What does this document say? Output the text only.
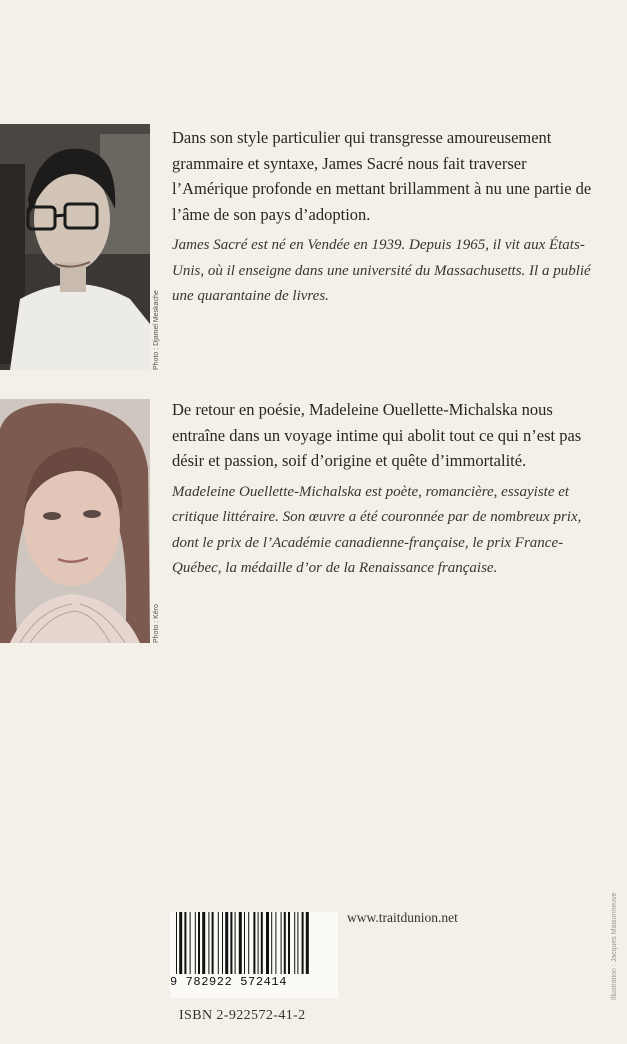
Photo : Djamel Meskache

Dans son style particulier qui transgresse amoureusement grammaire et syntaxe, James Sacré nous fait traverser l’Amérique profonde en mettant brillamment à nu une partie de l’âme de son pays d’adoption.

James Sacré est né en Vendée en 1939. Depuis 1965, il vit aux États-Unis, où il enseigne dans une université du Massachusetts. Il a publié une quarantaine de livres.

Photo : Kéro

De retour en poésie, Madeleine Ouellette-Michalska nous entraîne dans un voyage intime qui abolit tout ce qui n’est pas désir et passion, soif d’origine et quête d’immortalité.

Madeleine Ouellette-Michalska est poète, romancière, essayiste et critique littéraire. Son œuvre a été couronnée par de nombreux prix, dont le prix de l’Académie canadienne-française, le prix France-Québec, la médaille d’or de la Renaissance française.

9 782922 572414
www.traitdunion.net
ISBN 2-922572-41-2
Illustration : Jacques Maisonneuve
